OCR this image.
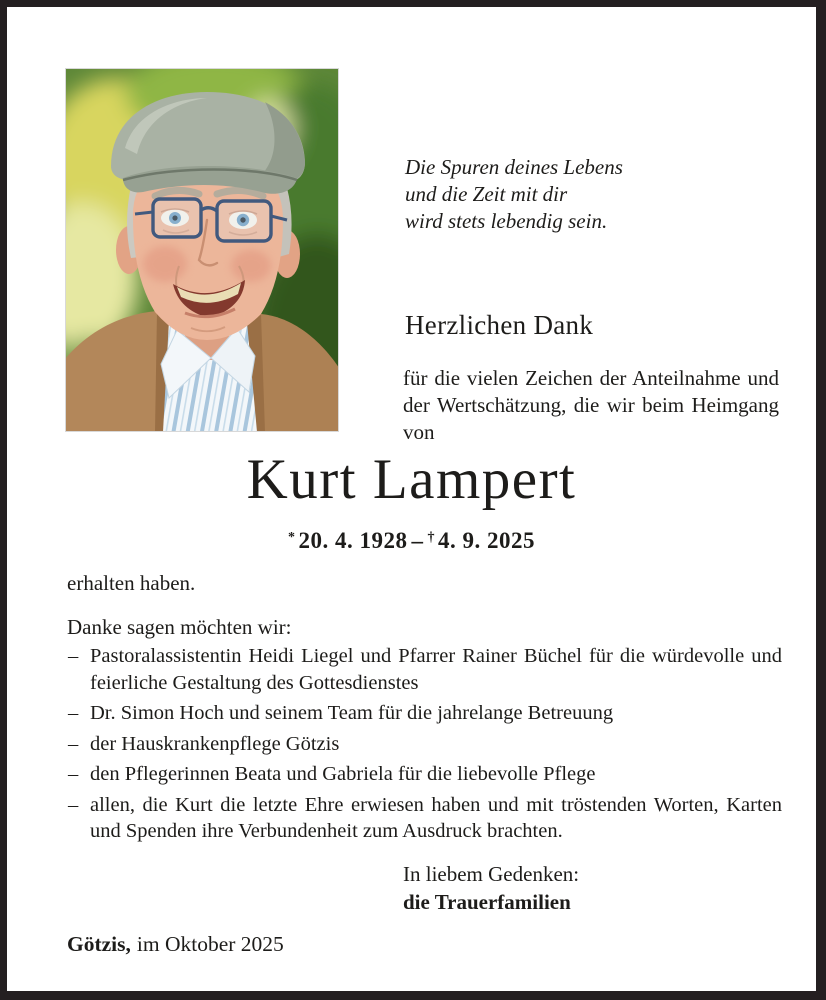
Die Spuren deines Lebens
und die Zeit mit dir
wird stets lebendig sein.
Herzlichen Dank
für die vielen Zeichen der Anteilnahme und der Wertschätzung, die wir beim Heimgang von
Kurt Lampert
* 20. 4. 1928 – † 4. 9. 2025
erhalten haben.
Danke sagen möchten wir:
– Pastoralassistentin Heidi Liegel und Pfarrer Rainer Büchel für die würdevolle und feierliche Gestaltung des Gottesdienstes
– Dr. Simon Hoch und seinem Team für die jahrelange Betreuung
– der Hauskrankenpflege Götzis
– den Pflegerinnen Beata und Gabriela für die liebevolle Pflege
– allen, die Kurt die letzte Ehre erwiesen haben und mit tröstenden Worten, Karten und Spenden ihre Verbundenheit zum Ausdruck brachten.
In liebem Gedenken:
die Trauerfamilien
Götzis, im Oktober 2025
